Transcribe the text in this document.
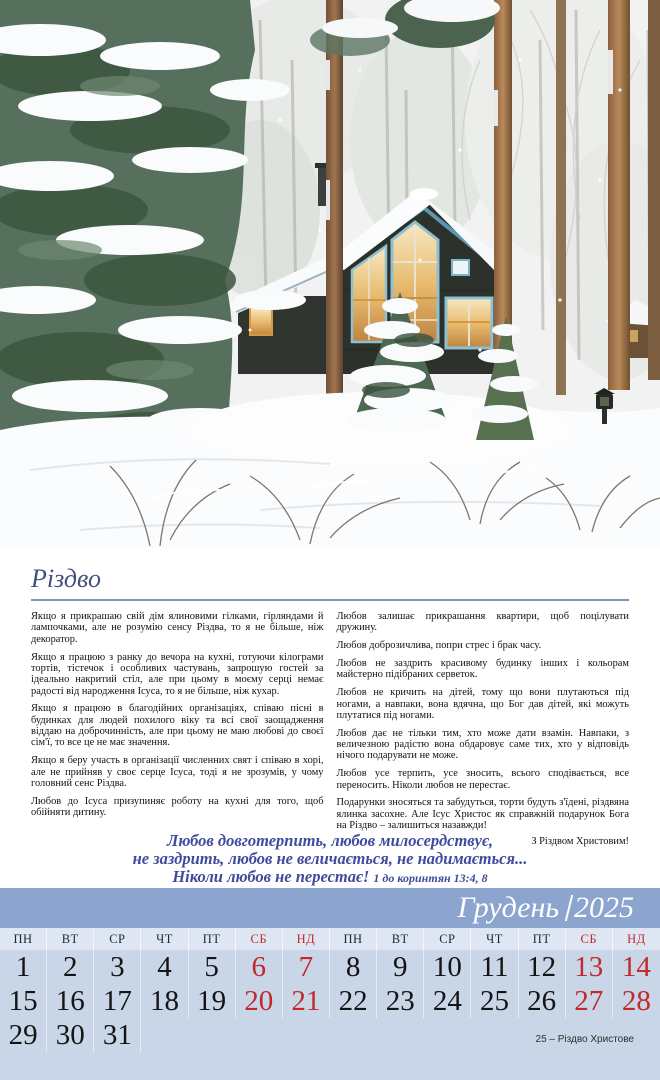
Різдво

Якщо я прикрашаю свій дім ялиновими гілками, гірляндами й лампочками, але не розумію сенсу Різдва, то я не більше, ніж декоратор.

Якщо я працюю з ранку до вечора на кухні, готуючи кілограми тортів, тістечок і особливих частувань, запрошую гостей за ідеально накритий стіл, але при цьому в моєму серці немає радості від народження Ісуса, то я не більше, ніж кухар.

Якщо я працюю в благодійних організаціях, співаю пісні в будинках для людей похилого віку та всі свої заощадження віддаю на доброчинність, але при цьому не маю любові до своєї сім'ї, то все це не має значення.

Якщо я беру участь в організації численних свят і співаю в хорі, але не прийняв у своє серце Ісуса, тоді я не зрозумів, у чому головний сенс Різдва.

Любов до Ісуса призупиняє роботу на кухні для того, щоб обійняти дитину.

Любов залишає прикрашання квартири, щоб поцілувати дружину.

Любов доброзичлива, попри стрес і брак часу.

Любов не заздрить красивому будинку інших і кольорам майстерно підібраних серветок.

Любов не кричить на дітей, тому що вони плутаються під ногами, а навпаки, вона вдячна, що Бог дав дітей, які можуть плутатися під ногами.

Любов дає не тільки тим, хто може дати взамін. Навпаки, з величезною радістю вона обдаровує саме тих, хто у відповідь нічого подарувати не може.

Любов усе терпить, усе зносить, всього сподівається, все переносить. Ніколи любов не перестає.

Подарунки зносяться та забудуться, торти будуть з'їдені, різдвяна ялинка засохне. Але Ісус Христос як справжній подарунок Бога на Різдво – залишиться назавжди!

З Різдвом Христовим!

Любов довготерпить, любов милосердствує,
не заздрить, любов не величається, не надимається...
Ніколи любов не перестає! 1 до коринтян 13:4, 8
Грудень 2025
ПН	ВТ	СР	ЧТ	ПТ	СБ	НД	ПН	ВТ	СР	ЧТ	ПТ	СБ	НД
1	2	3	4	5	6	7	8	9 10 11 12 13 14
15 16 17 18 19 20 21 22 23 24 25 26 27 28
29 30 31	25 – Різдво Христове
